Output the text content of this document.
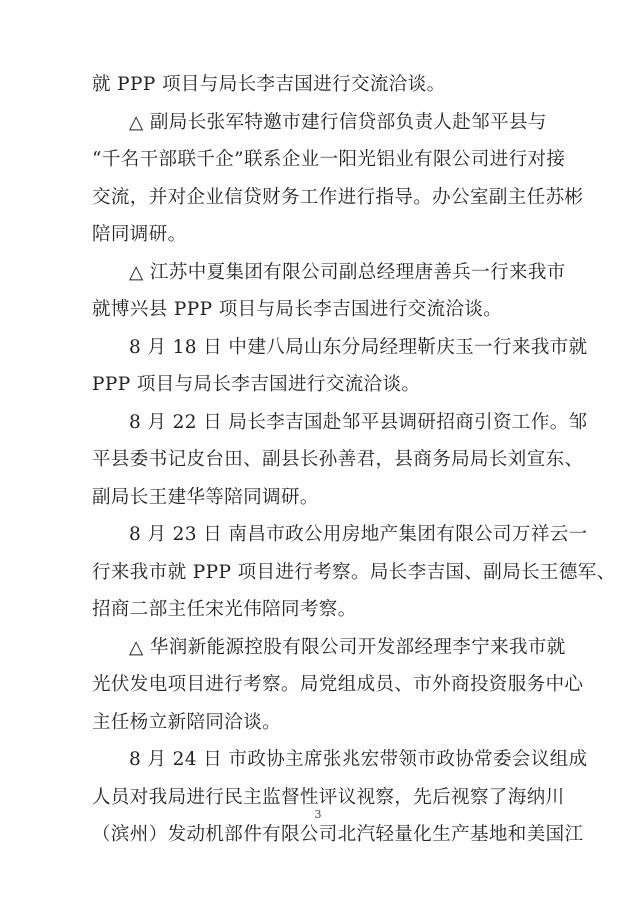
就 PPP 项目与局长李吉国进行交流洽谈。
△ 副局长张军特邀市建行信贷部负责人赴邹平县与
“千名干部联千企”联系企业一阳光铝业有限公司进行对接
交流，并对企业信贷财务工作进行指导。办公室副主任苏彬
陪同调研。
△ 江苏中夏集团有限公司副总经理唐善兵一行来我市
就博兴县 PPP 项目与局长李吉国进行交流洽谈。
8 月 18 日 中建八局山东分局经理靳庆玉一行来我市就
PPP 项目与局长李吉国进行交流洽谈。
8 月 22 日 局长李吉国赴邹平县调研招商引资工作。邹
平县委书记皮台田、副县长孙善君，县商务局局长刘宣东、
副局长王建华等陪同调研。
8 月 23 日 南昌市政公用房地产集团有限公司万祥云一
行来我市就 PPP 项目进行考察。局长李吉国、副局长王德军、
招商二部主任宋光伟陪同考察。
△ 华润新能源控股有限公司开发部经理李宁来我市就
光伏发电项目进行考察。局党组成员、市外商投资服务中心
主任杨立新陪同洽谈。
8 月 24 日 市政协主席张兆宏带领市政协常委会议组成
人员对我局进行民主监督性评议视察，先后视察了海纳川
（滨州）发动机部件有限公司北汽轻量化生产基地和美国江
3
